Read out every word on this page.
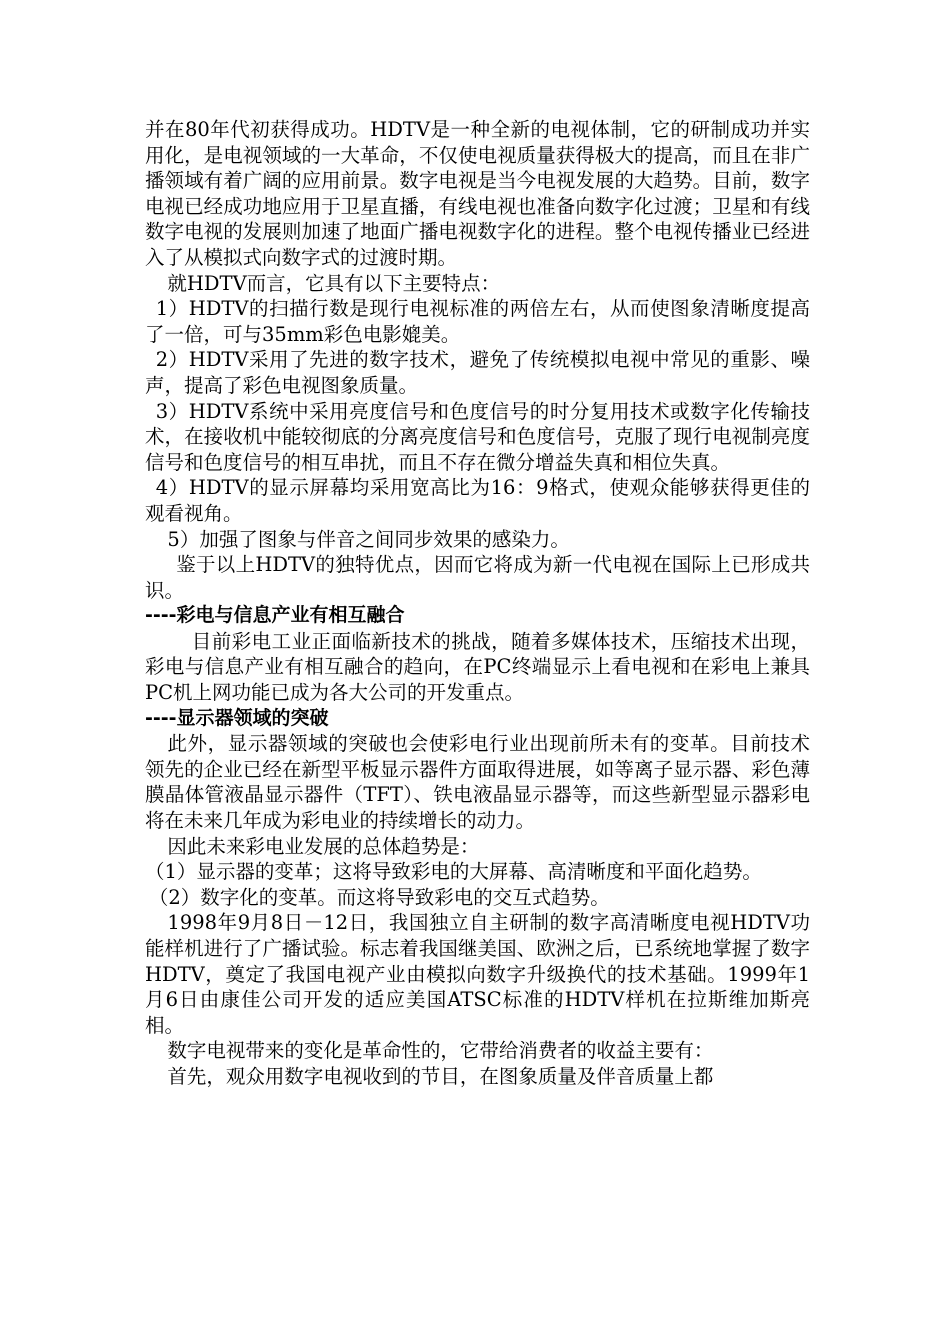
并在80年代初获得成功。HDTV是一种全新的电视体制，它的研制成功并实用化，是电视领域的一大革命，不仅使电视质量获得极大的提高，而且在非广播领域有着广阔的应用前景。数字电视是当今电视发展的大趋势。目前，数字电视已经成功地应用于卫星直播，有线电视也准备向数字化过渡；卫星和有线数字电视的发展则加速了地面广播电视数字化的进程。整个电视传播业已经进入了从模拟式向数字式的过渡时期。

就HDTV而言，它具有以下主要特点：

1）HDTV的扫描行数是现行电视标准的两倍左右，从而使图象清晰度提高了一倍，可与35mm彩色电影媲美。

2）HDTV采用了先进的数字技术，避免了传统模拟电视中常见的重影、噪声，提高了彩色电视图象质量。

3）HDTV系统中采用亮度信号和色度信号的时分复用技术或数字化传输技术，在接收机中能较彻底的分离亮度信号和色度信号，克服了现行电视制亮度信号和色度信号的相互串扰，而且不存在微分增益失真和相位失真。

4）HDTV的显示屏幕均采用宽高比为16：9格式，使观众能够获得更佳的观看视角。

5）加强了图象与伴音之间同步效果的感染力。

鉴于以上HDTV的独特优点，因而它将成为新一代电视在国际上已形成共识。

----彩电与信息产业有相互融合

目前彩电工业正面临新技术的挑战，随着多媒体技术，压缩技术出现，彩电与信息产业有相互融合的趋向，在PC终端显示上看电视和在彩电上兼具PC机上网功能已成为各大公司的开发重点。

----显示器领域的突破

此外，显示器领域的突破也会使彩电行业出现前所未有的变革。目前技术领先的企业已经在新型平板显示器件方面取得进展，如等离子显示器、彩色薄膜晶体管液晶显示器件（TFT）、铁电液晶显示器等，而这些新型显示器彩电将在未来几年成为彩电业的持续增长的动力。

因此未来彩电业发展的总体趋势是：

（1）显示器的变革；这将导致彩电的大屏幕、高清晰度和平面化趋势。

（2）数字化的变革。而这将导致彩电的交互式趋势。

1998年9月8日－12日，我国独立自主研制的数字高清晰度电视HDTV功能样机进行了广播试验。标志着我国继美国、欧洲之后，已系统地掌握了数字HDTV，奠定了我国电视产业由模拟向数字升级换代的技术基础。1999年1月6日由康佳公司开发的适应美国ATSC标准的HDTV样机在拉斯维加斯亮相。

数字电视带来的变化是革命性的，它带给消费者的收益主要有：

首先，观众用数字电视收到的节目，在图象质量及伴音质量上都
